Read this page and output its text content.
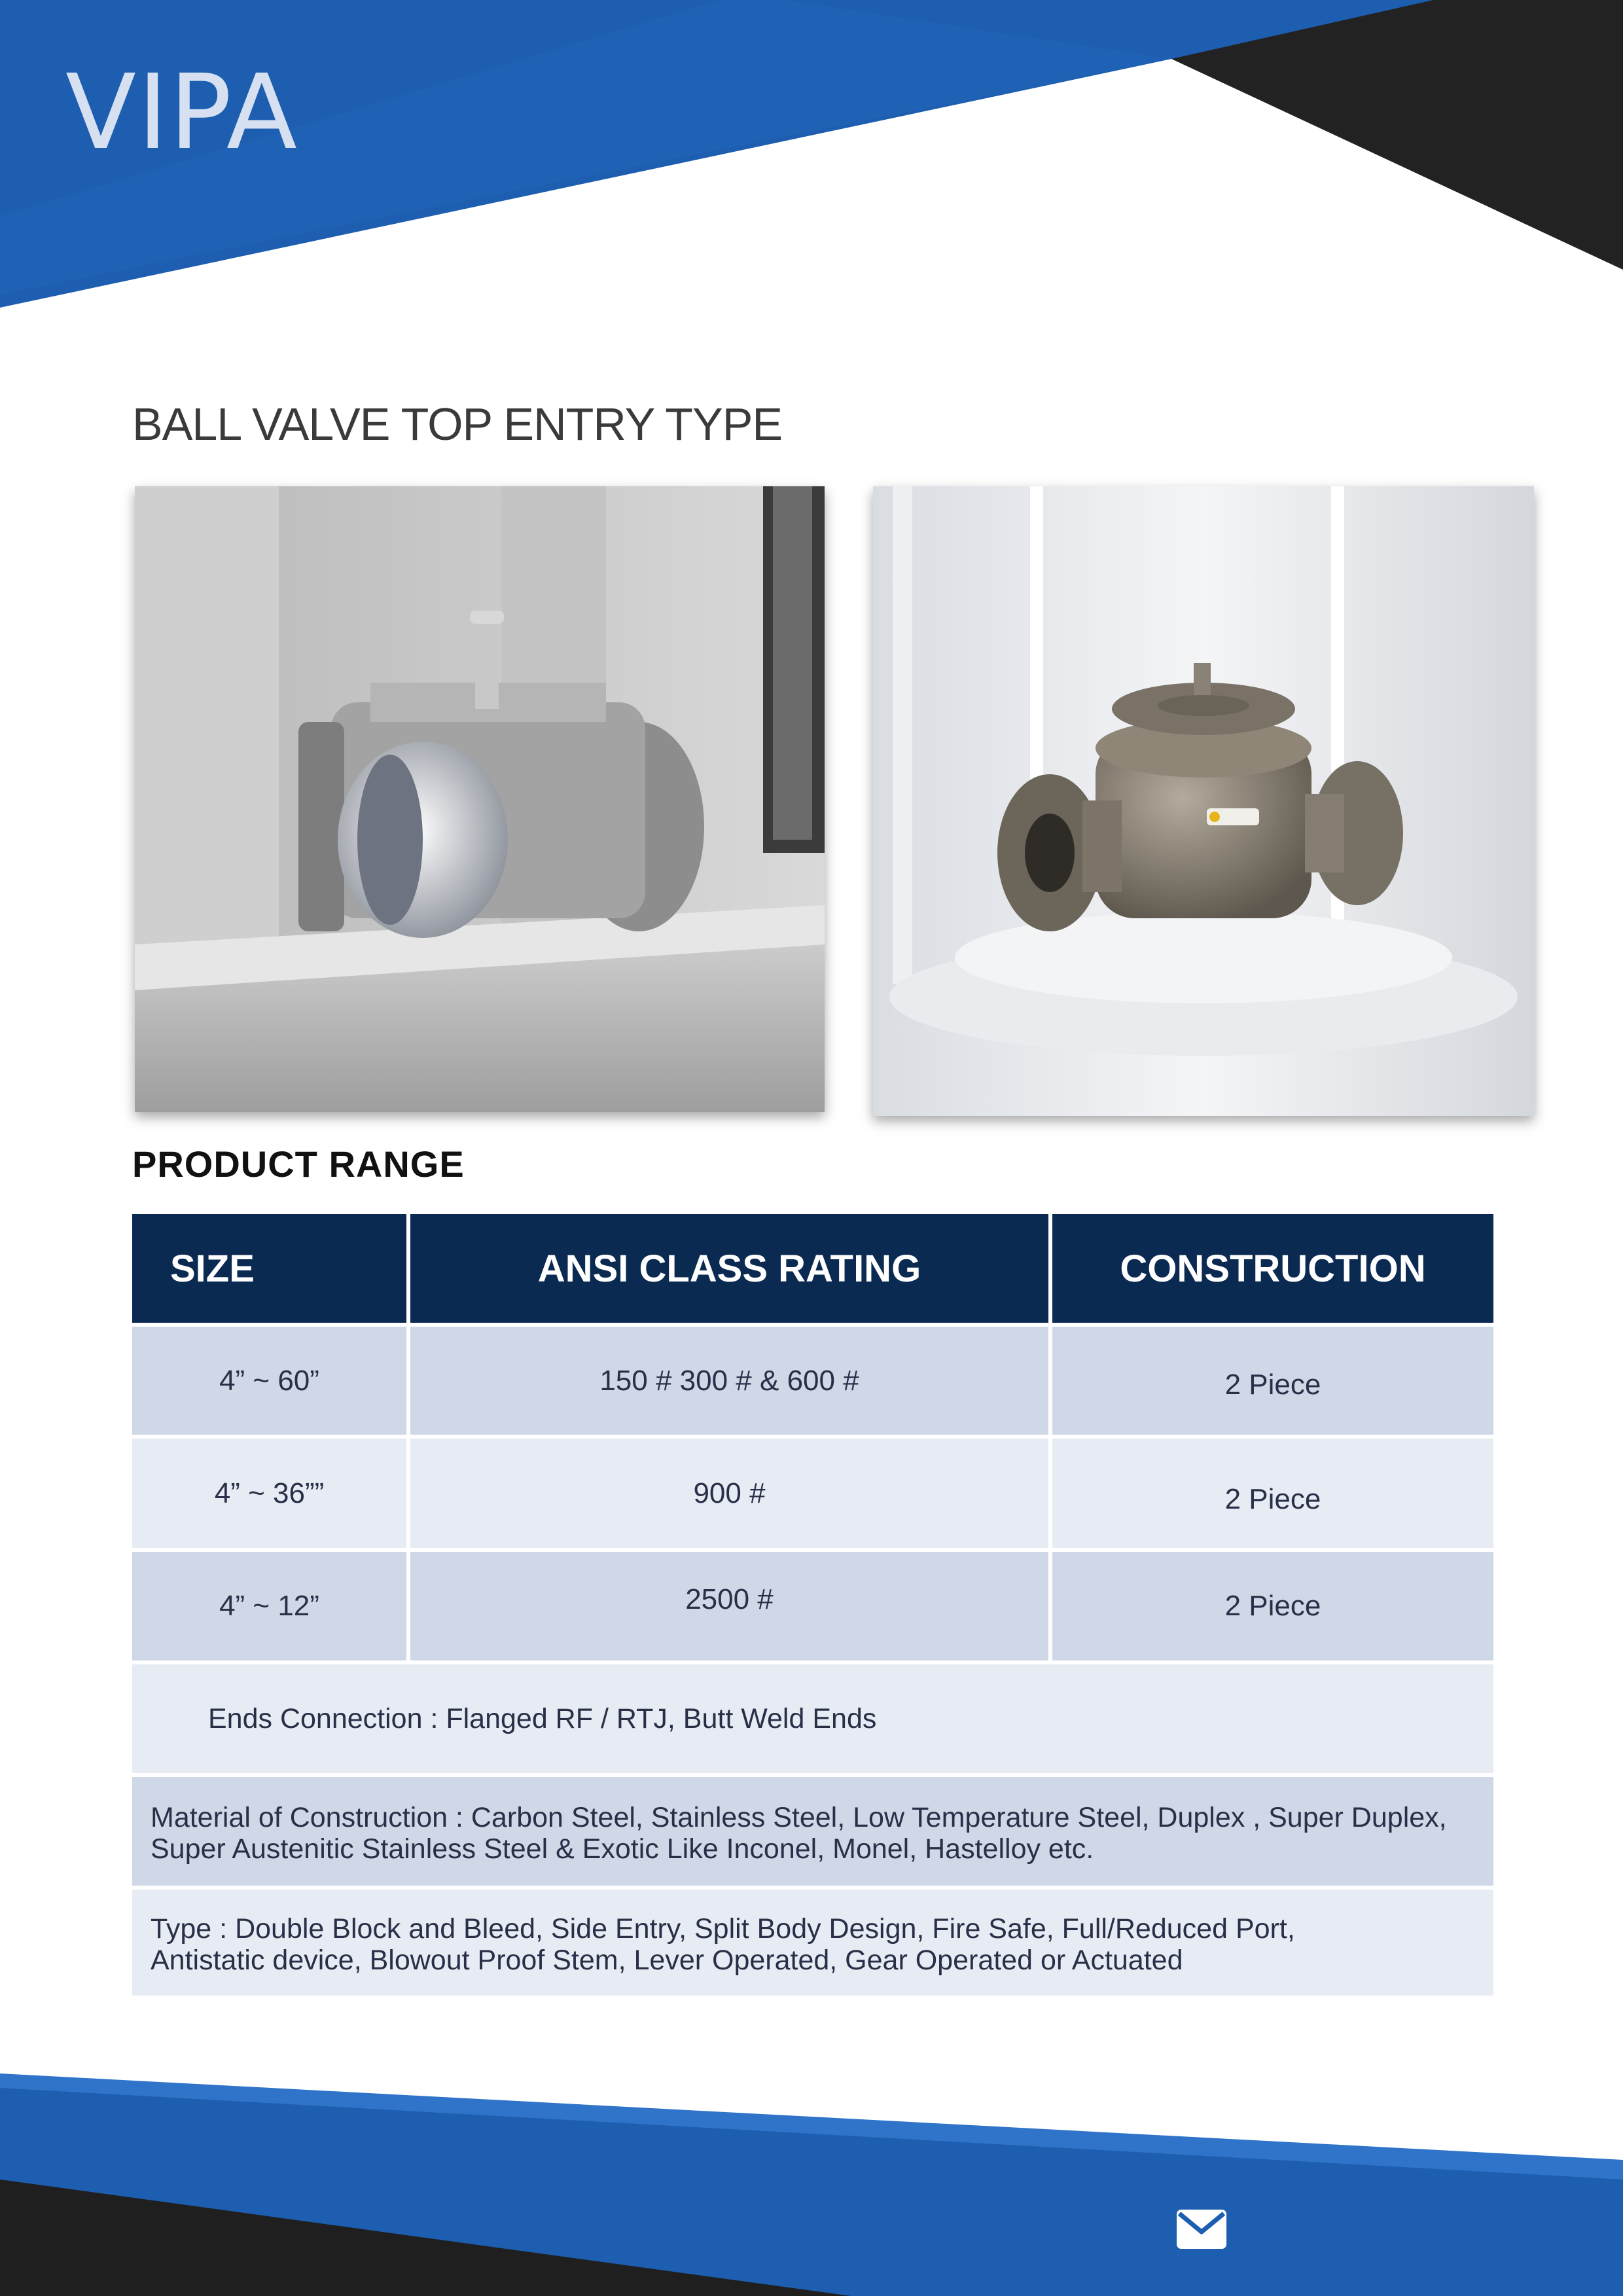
VIPA
BALL VALVE TOP ENTRY TYPE
PRODUCT RANGE
SIZE	ANSI CLASS RATING	CONSTRUCTION
4” ~ 60”	150 # 300 # & 600 #	2 Piece
4” ~ 36””	900 #	2 Piece
4” ~ 12”	2500 #	2 Piece
Ends Connection : Flanged RF / RTJ, Butt Weld Ends
Material of Construction : Carbon Steel, Stainless Steel, Low Temperature Steel, Duplex , Super Duplex,
Super Austenitic Stainless Steel & Exotic Like Inconel, Monel, Hastelloy etc.
Type : Double Block and Bleed, Side Entry, Split Body Design, Fire Safe, Full/Reduced Port,
Antistatic device, Blowout Proof Stem, Lever Operated, Gear Operated or Actuated
